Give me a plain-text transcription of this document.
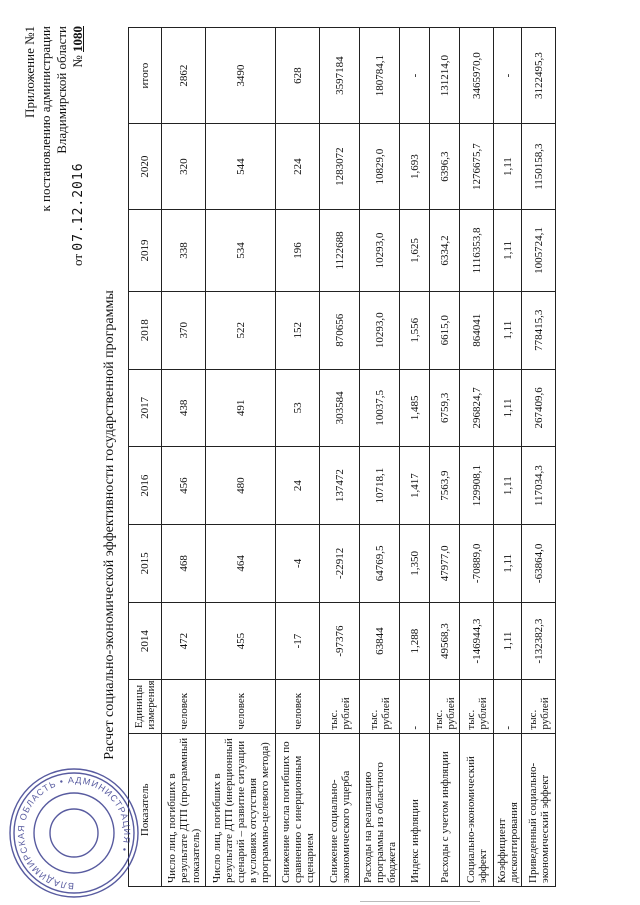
Приложение №1 к постановлению администрации Владимирской области
от 07.12.2016
№ 1080
Расчет социально-экономической эффективности государственной программы
Показатель	Единицы измерения	2014	2015	2016	2017	2018	2019	2020	итого
Число лиц, погибших в результате ДТП (программный показатель)	человек	472	468	456	438	370	338	320	2862
Число лиц, погибших в результате ДТП (инерционный сценарий – развитие ситуации в условиях отсутствия программно-целевого метода)	человек	455	464	480	491	522	534	544	3490
Снижение числа погибших по сравнению с инерционным сценарием	человек	-17	-4	24	53	152	196	224	628
Снижение социально-экономического ущерба	тыс. рублей	-97376	-22912	137472	303584	870656	1122688	1283072	3597184
Расходы на реализацию программы из областного бюджета	тыс. рублей	63844	64769,5	10718,1	10037,5	10293,0	10293,0	10829,0	180784,1
Индекс инфляции	-	1,288	1,350	1,417	1,485	1,556	1,625	1,693	-
Расходы с учетом инфляции	тыс. рублей	49568,3	47977,0	7563,9	6759,3	6615,0	6334,2	6396,3	131214,0
Социально-экономический эффект	тыс. рублей	-146944,3	-70889,0	129908,1	296824,7	864041	1116353,8	1276675,7	3465970,0
Коэффициент дисконтирования	-	1,11	1,11	1,11	1,11	1,11	1,11	1,11	-
Приведенный социально-экономический эффект	тыс. рублей	-132382,3	-63864,0	117034,3	267409,6	778415,3	1005724,1	1150158,3	3122495,3
ВЛАДИМИРСКАЯ ОБЛАСТЬ • АДМИНИСТРАЦИЯ •
